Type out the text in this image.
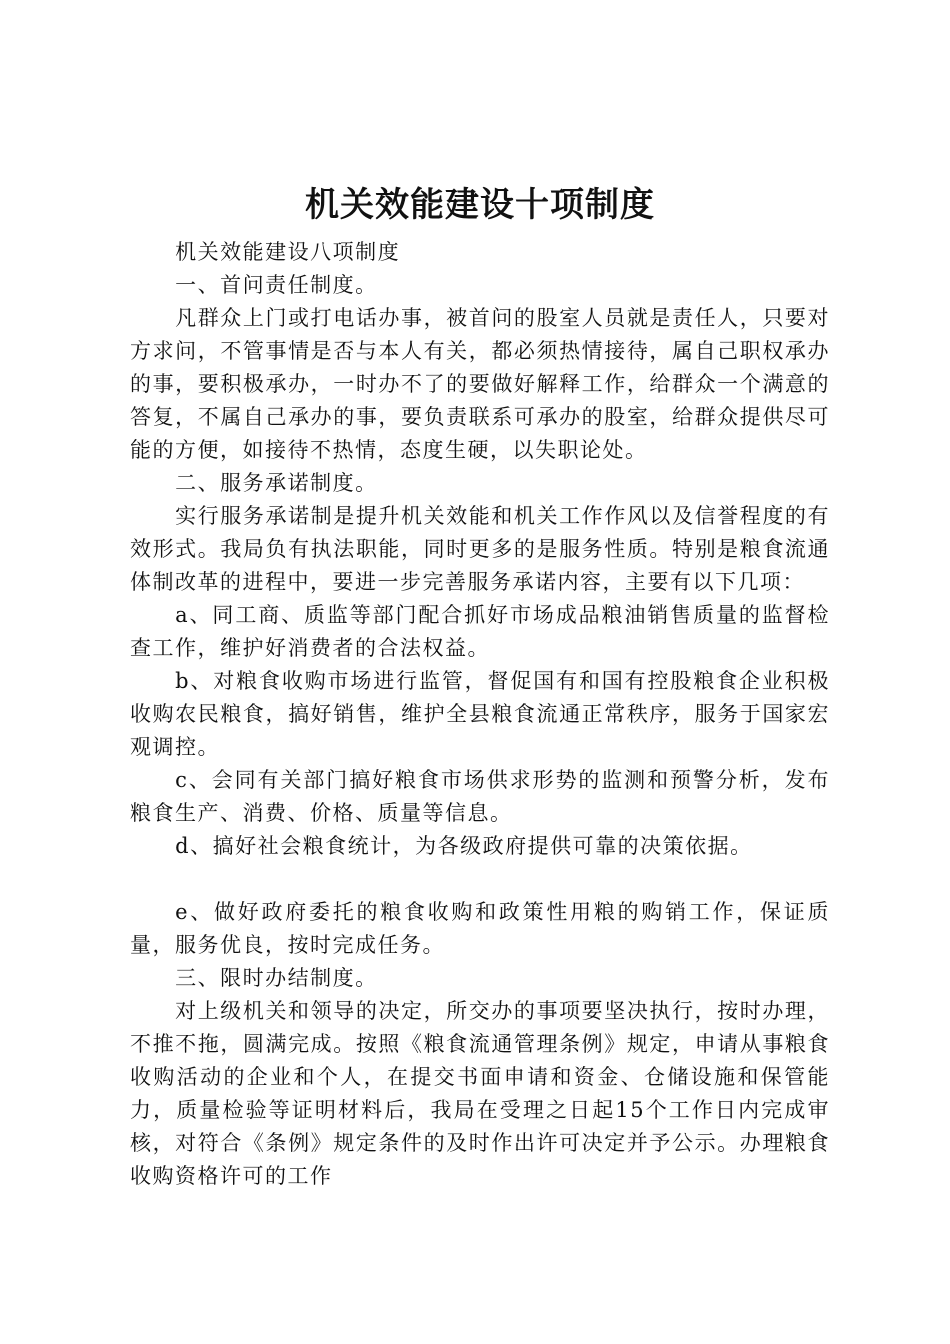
机关效能建设十项制度

机关效能建设八项制度

一、首问责任制度。

凡群众上门或打电话办事，被首问的股室人员就是责任人，只要对方求问，不管事情是否与本人有关，都必须热情接待，属自己职权承办的事，要积极承办，一时办不了的要做好解释工作，给群众一个满意的答复，不属自己承办的事，要负责联系可承办的股室，给群众提供尽可能的方便，如接待不热情，态度生硬，以失职论处。

二、服务承诺制度。

实行服务承诺制是提升机关效能和机关工作作风以及信誉程度的有效形式。我局负有执法职能，同时更多的是服务性质。特别是粮食流通体制改革的进程中，要进一步完善服务承诺内容，主要有以下几项：

a、同工商、质监等部门配合抓好市场成品粮油销售质量的监督检查工作，维护好消费者的合法权益。

b、对粮食收购市场进行监管，督促国有和国有控股粮食企业积极收购农民粮食，搞好销售，维护全县粮食流通正常秩序，服务于国家宏观调控。

c、会同有关部门搞好粮食市场供求形势的监测和预警分析，发布粮食生产、消费、价格、质量等信息。

d、搞好社会粮食统计，为各级政府提供可靠的决策依据。

e、做好政府委托的粮食收购和政策性用粮的购销工作，保证质量，服务优良，按时完成任务。

三、限时办结制度。

对上级机关和领导的决定，所交办的事项要坚决执行，按时办理，不推不拖，圆满完成。按照《粮食流通管理条例》规定，申请从事粮食收购活动的企业和个人，在提交书面申请和资金、仓储设施和保管能力，质量检验等证明材料后，我局在受理之日起15个工作日内完成审核，对符合《条例》规定条件的及时作出许可决定并予公示。办理粮食收购资格许可的工作
